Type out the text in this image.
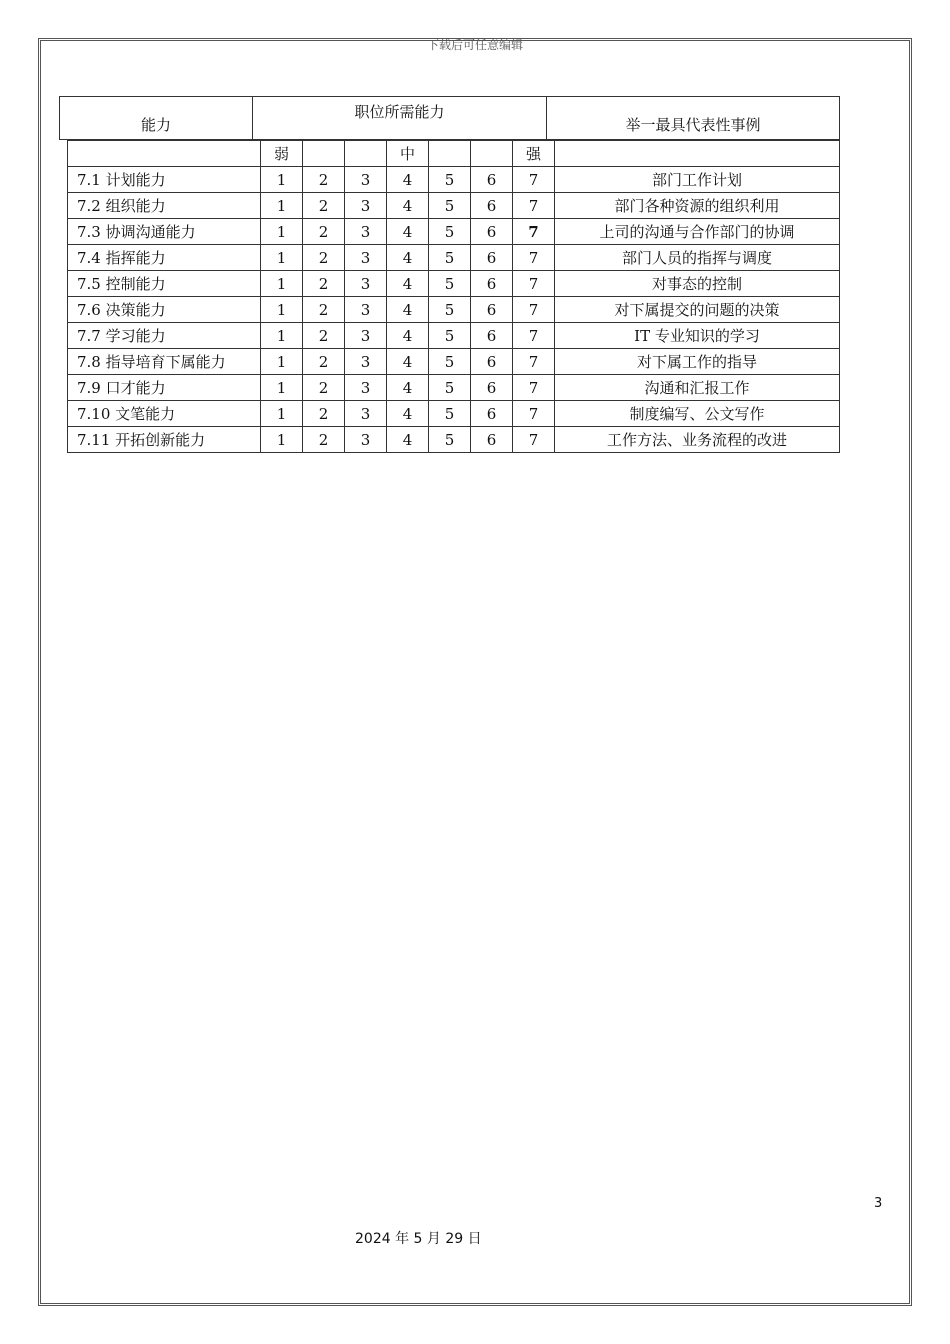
下载后可任意编辑
能力	职位所需能力	举一最具代表性事例
	弱			中			强	
7.1 计划能力	1	2	3	4	5	6	7	部门工作计划
7.2 组织能力	1	2	3	4	5	6	7	部门各种资源的组织利用
7.3 协调沟通能力	1	2	3	4	5	6	7	上司的沟通与合作部门的协调
7.4 指挥能力	1	2	3	4	5	6	7	部门人员的指挥与调度
7.5 控制能力	1	2	3	4	5	6	7	对事态的控制
7.6 决策能力	1	2	3	4	5	6	7	对下属提交的问题的决策
7.7 学习能力	1	2	3	4	5	6	7	IT 专业知识的学习
7.8 指导培育下属能力	1	2	3	4	5	6	7	对下属工作的指导
7.9 口才能力	1	2	3	4	5	6	7	沟通和汇报工作
7.10 文笔能力	1	2	3	4	5	6	7	制度编写、公文写作
7.11 开拓创新能力	1	2	3	4	5	6	7	工作方法、业务流程的改进
3
2024 年 5 月 29 日
